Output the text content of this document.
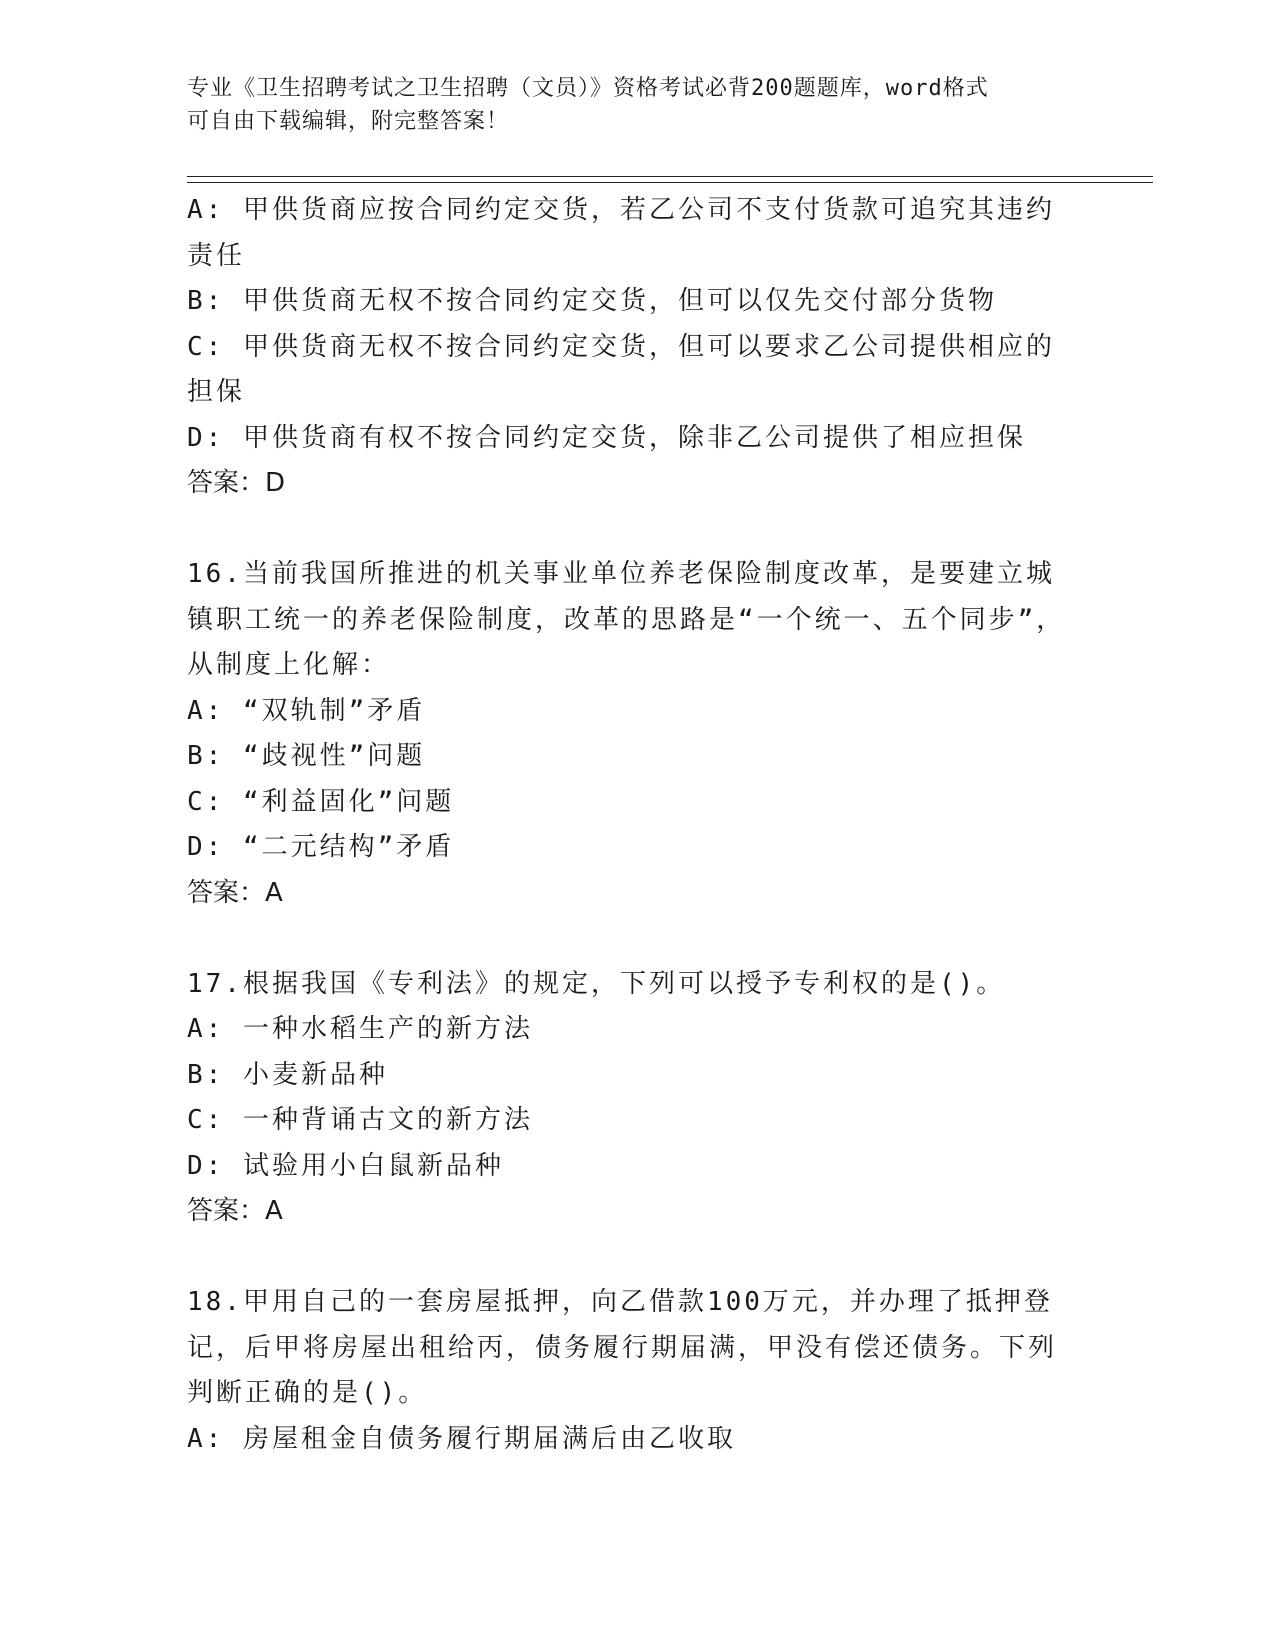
专业《卫生招聘考试之卫生招聘（文员）》资格考试必背200题题库，word格式
可自由下载编辑，附完整答案！

A: 甲供货商应按合同约定交货，若乙公司不支付货款可追究其违约责任

B: 甲供货商无权不按合同约定交货，但可以仅先交付部分货物

C: 甲供货商无权不按合同约定交货，但可以要求乙公司提供相应的担保

D: 甲供货商有权不按合同约定交货，除非乙公司提供了相应担保

答案：D

16.当前我国所推进的机关事业单位养老保险制度改革，是要建立城镇职工统一的养老保险制度，改革的思路是“一个统一、五个同步”，从制度上化解：

A: “双轨制”矛盾

B: “歧视性”问题

C: “利益固化”问题

D: “二元结构”矛盾

答案：A

17.根据我国《专利法》的规定，下列可以授予专利权的是()。

A: 一种水稻生产的新方法

B: 小麦新品种

C: 一种背诵古文的新方法

D: 试验用小白鼠新品种

答案：A

18.甲用自己的一套房屋抵押，向乙借款100万元，并办理了抵押登记，后甲将房屋出租给丙，债务履行期届满，甲没有偿还债务。下列判断正确的是()。

A: 房屋租金自债务履行期届满后由乙收取
